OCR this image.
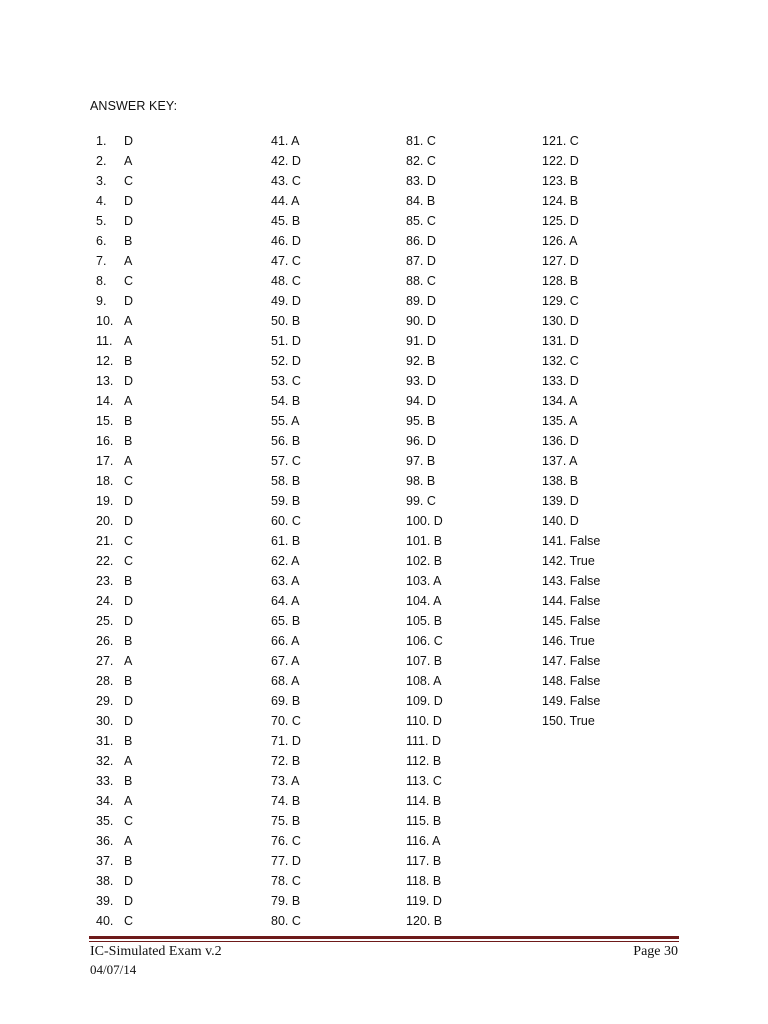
ANSWER KEY:
1. D
2. A
3. C
4. D
5. D
6. B
7. A
8. C
9. D
10. A
11. A
12. B
13. D
14. A
15. B
16. B
17. A
18. C
19. D
20. D
21. C
22. C
23. B
24. D
25. D
26. B
27. A
28. B
29. D
30. D
31. B
32. A
33. B
34. A
35. C
36. A
37. B
38. D
39. D
40. C
41. A
42. D
43. C
44. A
45. B
46. D
47. C
48. C
49. D
50. B
51. D
52. D
53. C
54. B
55. A
56. B
57. C
58. B
59. B
60. C
61. B
62. A
63. A
64. A
65. B
66. A
67. A
68. A
69. B
70. C
71. D
72. B
73. A
74. B
75. B
76. C
77. D
78. C
79. B
80. C
81. C
82. C
83. D
84. B
85. C
86. D
87. D
88. C
89. D
90. D
91. D
92. B
93. D
94. D
95. B
96. D
97. B
98. B
99. C
100. D
101. B
102. B
103. A
104. A
105. B
106. C
107. B
108. A
109. D
110. D
111. D
112. B
113. C
114. B
115. B
116. A
117. B
118. B
119. D
120. B
121. C
122. D
123. B
124. B
125. D
126. A
127. D
128. B
129. C
130. D
131. D
132. C
133. D
134. A
135. A
136. D
137. A
138. B
139. D
140. D
141. False
142. True
143. False
144. False
145. False
146. True
147. False
148. False
149. False
150. True
IC-Simulated Exam v.2
04/07/14
Page 30
